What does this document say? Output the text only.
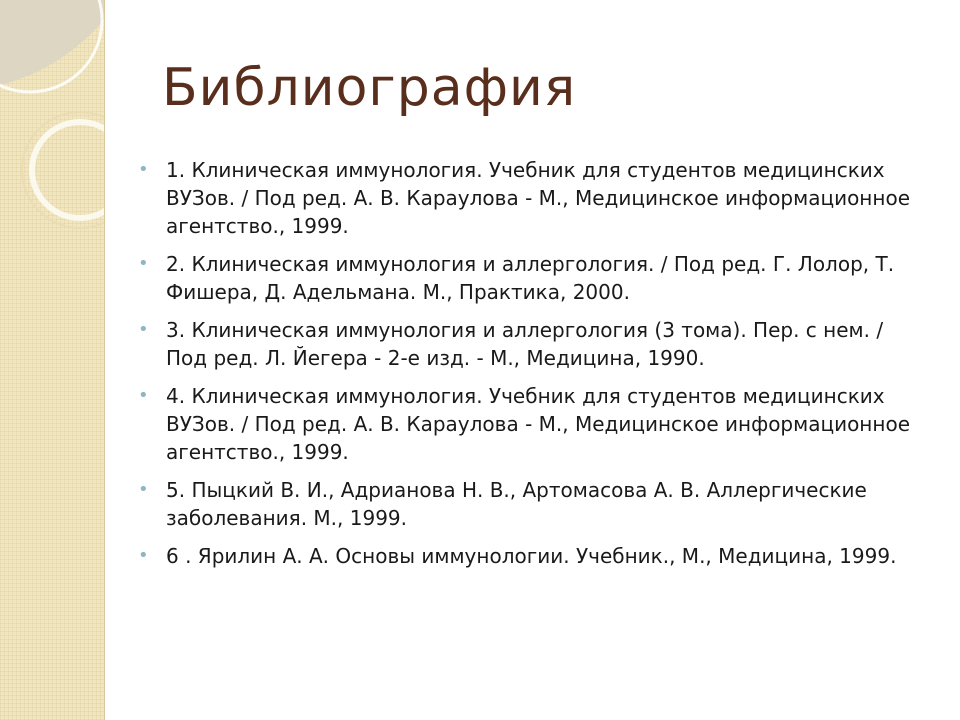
Библиография
• 1. Клиническая иммунология. Учебник для студентов медицинских ВУЗов. / Под ред. А. В. Караулова - М., Медицинское информационное агентство., 1999.
• 2. Клиническая иммунология и аллергология. / Под ред. Г. Лолор, Т. Фишера, Д. Адельмана. М., Практика, 2000.
• 3. Клиническая иммунология и аллергология (3 тома). Пер. с нем. / Под ред. Л. Йегера - 2-е изд. - М., Медицина, 1990.
• 4. Клиническая иммунология. Учебник для студентов медицинских ВУЗов. / Под ред. А. В. Караулова - М., Медицинское информационное агентство., 1999.
• 5. Пыцкий В. И., Адрианова Н. В., Артомасова А. В. Аллергические заболевания. М., 1999.
• 6 . Ярилин А. А. Основы иммунологии. Учебник., М., Медицина, 1999.
